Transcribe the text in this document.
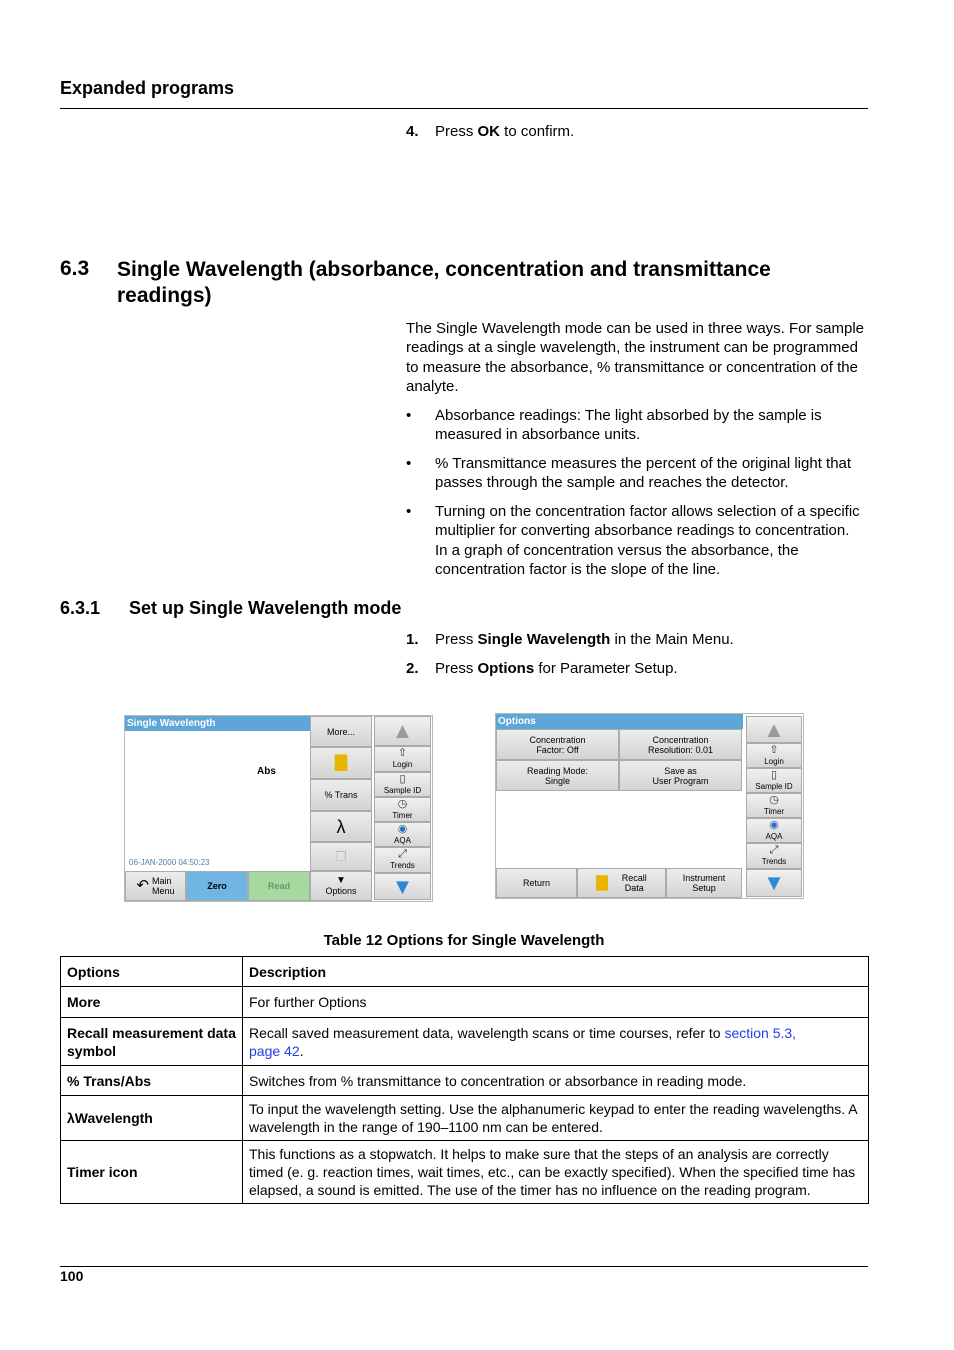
Expanded programs
4. Press OK to confirm.
6.3 Single Wavelength (absorbance, concentration and transmittance readings)
The Single Wavelength mode can be used in three ways. For sample readings at a single wavelength, the instrument can be programmed to measure the absorbance, % transmittance or concentration of the analyte.
• Absorbance readings: The light absorbed by the sample is measured in absorbance units.
• % Transmittance measures the percent of the original light that passes through the sample and reaches the detector.
• Turning on the concentration factor allows selection of a specific multiplier for converting absorbance readings to concentration. In a graph of concentration versus the absorbance, the concentration factor is the slope of the line.
6.3.1 Set up Single Wavelength mode
1. Press Single Wavelength in the Main Menu.
2. Press Options for Parameter Setup.
Single Wavelength
Abs
06-JAN-2000 04:50:23
More...
▇
% Trans
λ
❐
↶ Main
Menu	Zero	Read	▼
Options
▲
⇧
Login
▯
Sample ID
◷
Timer
◉
AQA
⤢
Trends
▼
Options
Concentration
Factor: Off
Concentration
Resolution: 0.01
Reading Mode:
Single
Save as
User Program
Return	▇ Recall
Data
Instrument
Setup
▲
⇧
Login
▯
Sample ID
◷
Timer
◉
AQA
⤢
Trends
▼
Table 12 Options for Single Wavelength
Options	Description
More	For further Options
Recall measurement data symbol	Recall saved measurement data, wavelength scans or time courses, refer to section 5.3,
page 42.
% Trans/Abs	Switches from % transmittance to concentration or absorbance in reading mode.
λWavelength	To input the wavelength setting. Use the alphanumeric keypad to enter the reading wavelengths. A wavelength in the range of 190–1100 nm can be entered.
Timer icon	This functions as a stopwatch. It helps to make sure that the steps of an analysis are correctly timed (e. g. reaction times, wait times, etc., can be exactly specified). When the specified time has elapsed, a sound is emitted. The use of the timer has no influence on the reading program.
100
